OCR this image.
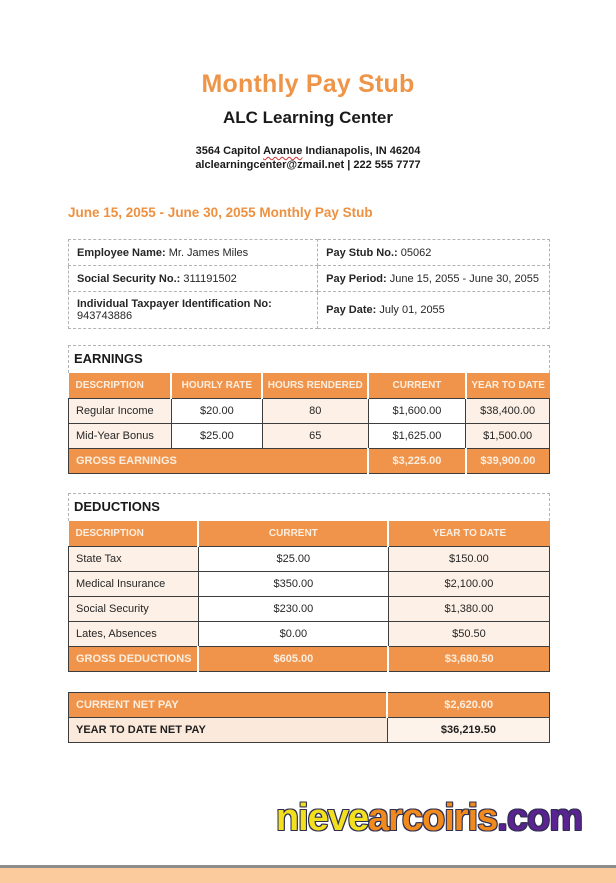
Monthly Pay Stub
ALC Learning Center
3564 Capitol Avanue Indianapolis, IN 46204
alclearningcenter@zmail.net | 222 555 7777
June 15, 2055 - June 30, 2055 Monthly Pay Stub
Employee Name: Mr. James Miles	Pay Stub No.: 05062
Social Security No.: 311191502	Pay Period: June 15, 2055 - June 30, 2055
Individual Taxpayer Identification No: 943743886	Pay Date: July 01, 2055
EARNINGS
DESCRIPTION	HOURLY RATE	HOURS RENDERED	CURRENT	YEAR TO DATE
Regular Income	$20.00	80	$1,600.00	$38,400.00
Mid-Year Bonus	$25.00	65	$1,625.00	$1,500.00
GROSS EARNINGS			$3,225.00	$39,900.00
DEDUCTIONS
DESCRIPTION	CURRENT	YEAR TO DATE
State Tax	$25.00	$150.00
Medical Insurance	$350.00	$2,100.00
Social Security	$230.00	$1,380.00
Lates, Absences	$0.00	$50.50
GROSS DEDUCTIONS	$605.00	$3,680.50
CURRENT NET PAY	$2,620.00
YEAR TO DATE NET PAY	$36,219.50
nievearcoiris.com
